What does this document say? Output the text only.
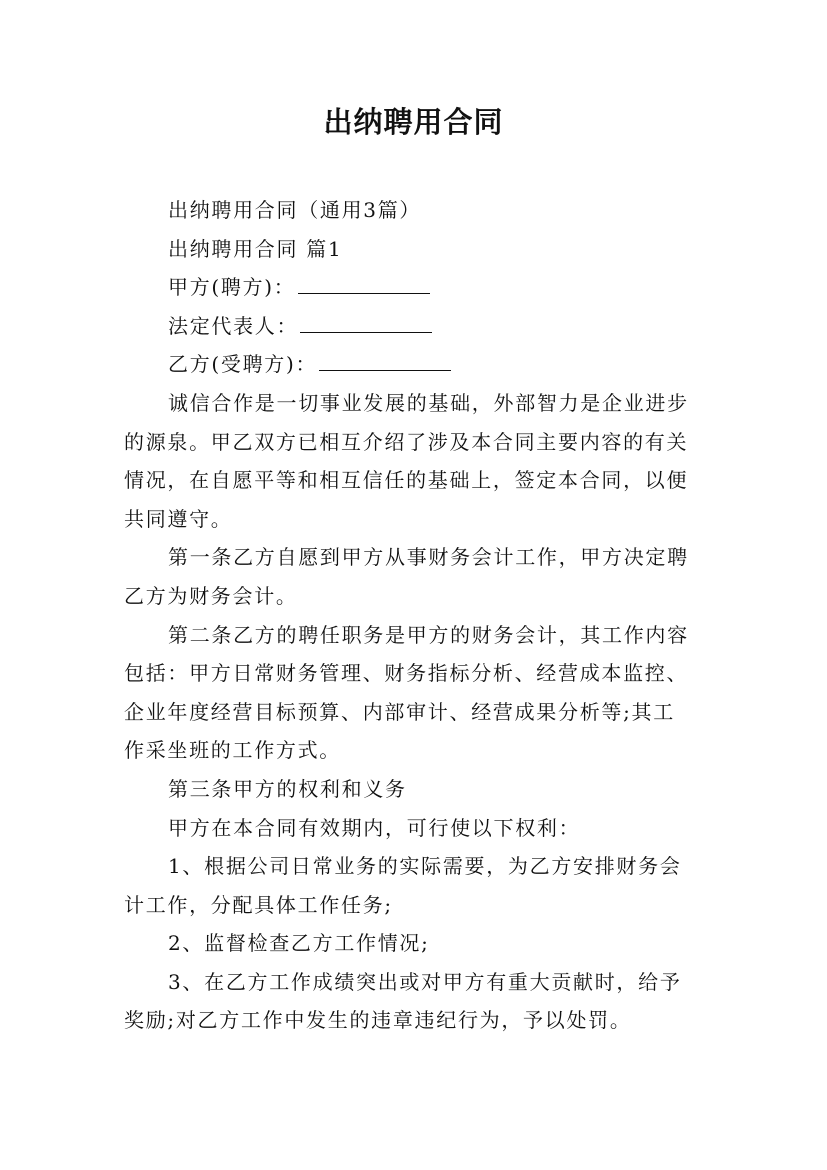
出纳聘用合同
出纳聘用合同（通用3篇）
出纳聘用合同 篇1
甲方(聘方)：
法定代表人：
乙方(受聘方)：
诚信合作是一切事业发展的基础，外部智力是企业进步
的源泉。甲乙双方已相互介绍了涉及本合同主要内容的有关
情况，在自愿平等和相互信任的基础上，签定本合同，以便
共同遵守。
第一条乙方自愿到甲方从事财务会计工作，甲方决定聘
乙方为财务会计。
第二条乙方的聘任职务是甲方的财务会计，其工作内容
包括：甲方日常财务管理、财务指标分析、经营成本监控、
企业年度经营目标预算、内部审计、经营成果分析等;其工
作采坐班的工作方式。
第三条甲方的权利和义务
甲方在本合同有效期内，可行使以下权利：
1、根据公司日常业务的实际需要，为乙方安排财务会
计工作，分配具体工作任务;
2、监督检查乙方工作情况;
3、在乙方工作成绩突出或对甲方有重大贡献时，给予
奖励;对乙方工作中发生的违章违纪行为，予以处罚。
